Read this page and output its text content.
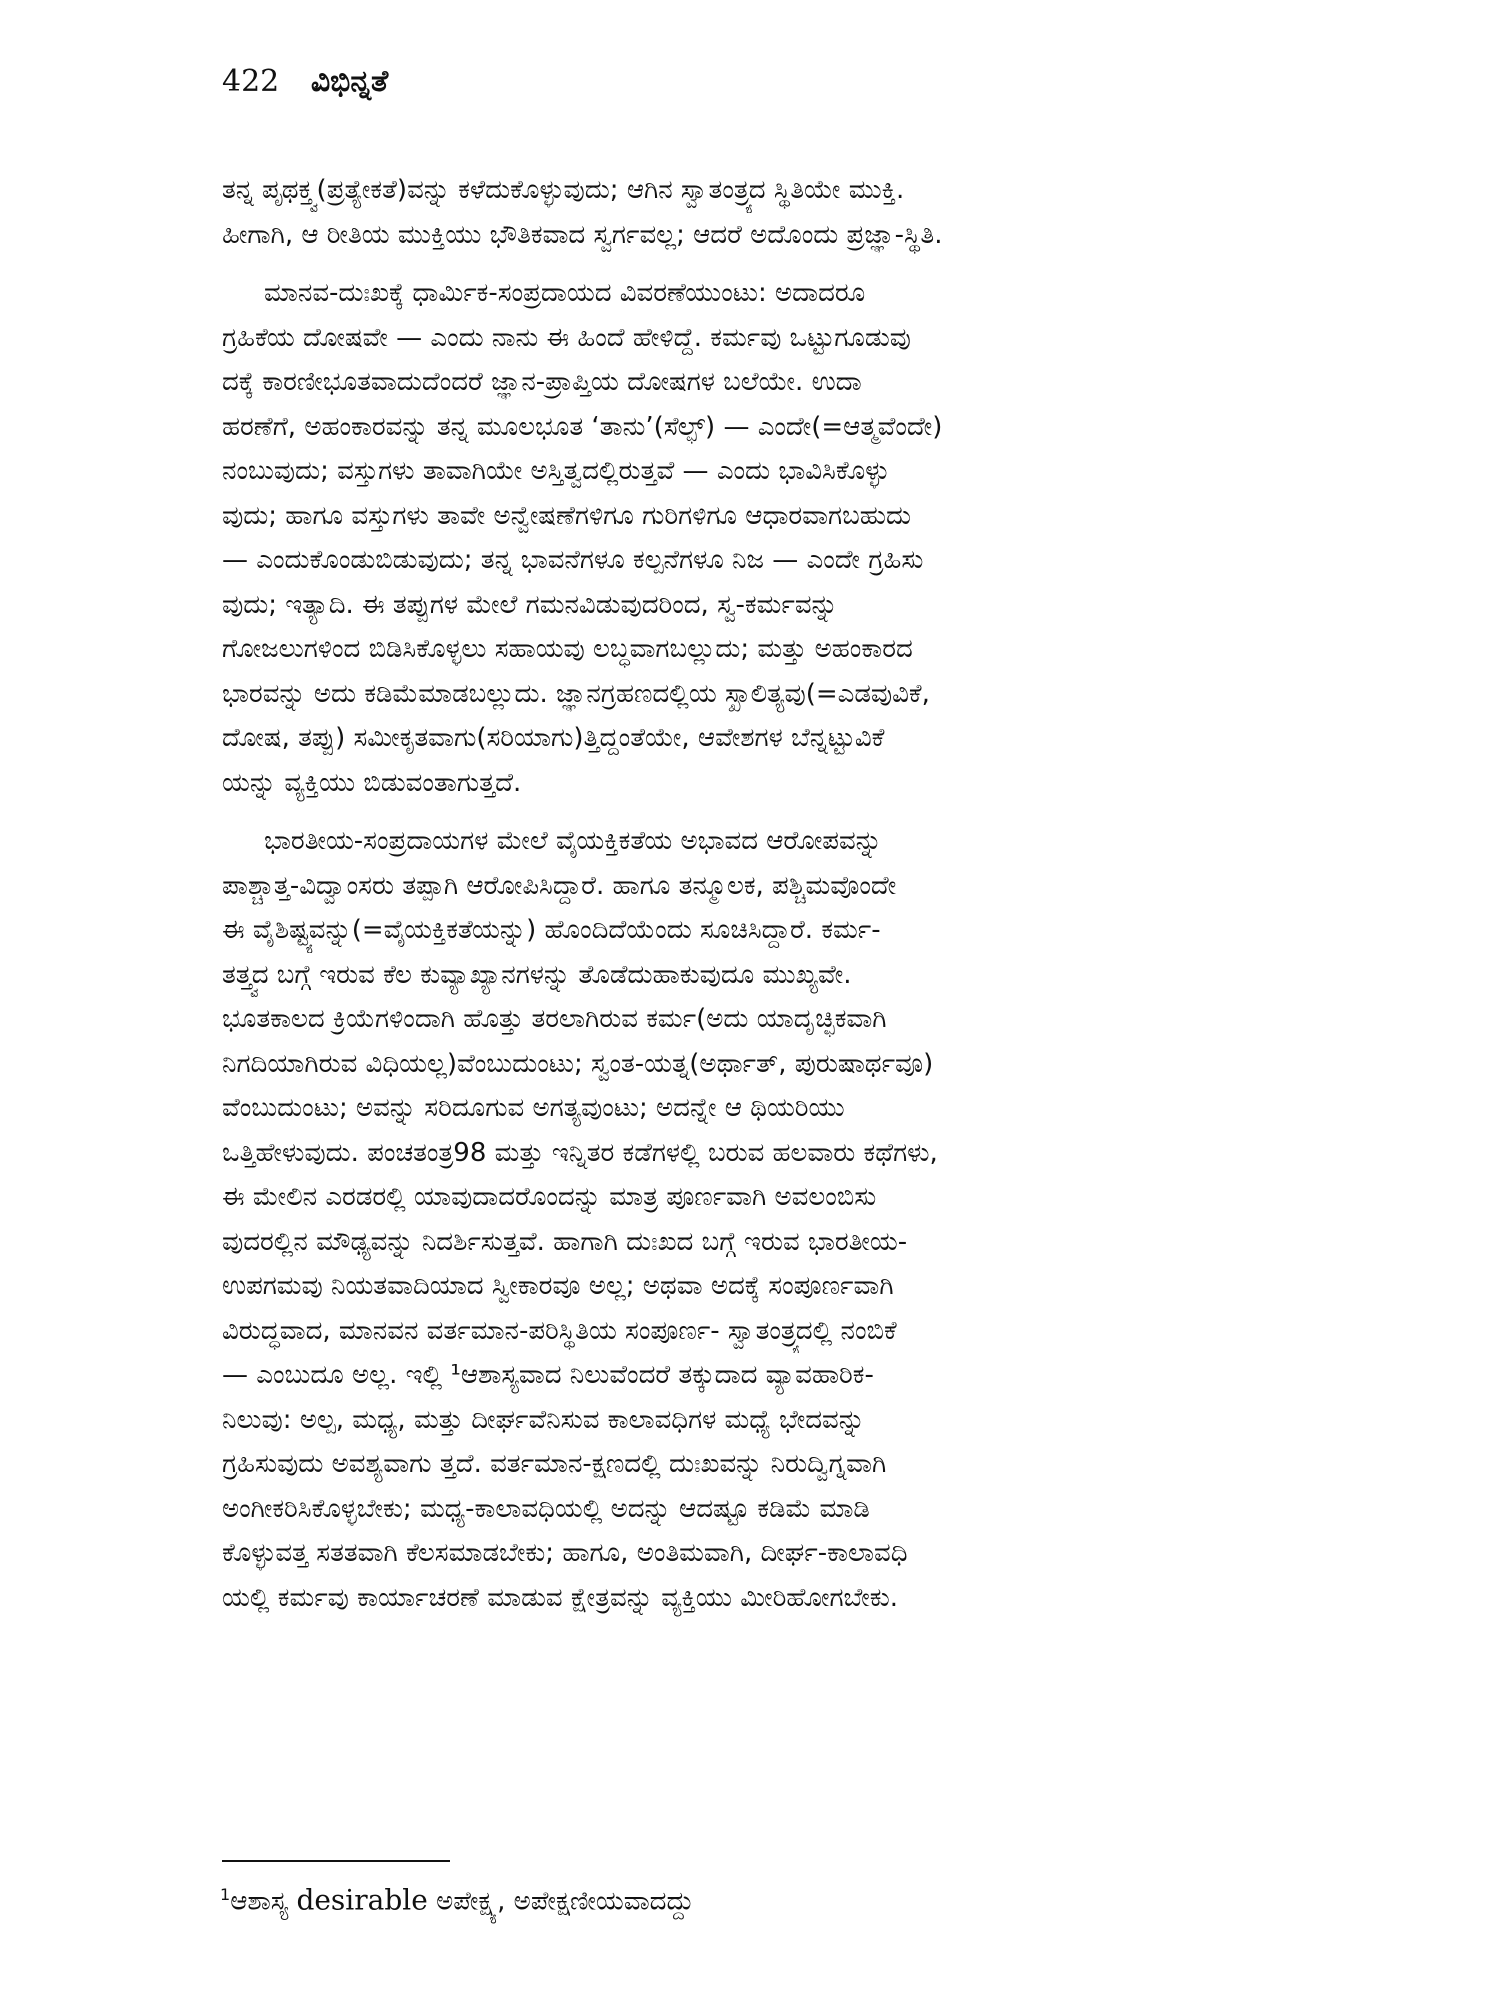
422 ವಿಭಿನ್ನತೆ
ತನ್ನ ಪೃಥಕ್ತ್ವ(ಪ್ರತ್ಯೇಕತೆ)ವನ್ನು ಕಳೆದುಕೊಳ್ಳುವುದು; ಆಗಿನ ಸ್ವಾತಂತ್ರ್ಯದ ಸ್ಥಿತಿಯೇ ಮುಕ್ತಿ.
ಹೀಗಾಗಿ, ಆ ರೀತಿಯ ಮುಕ್ತಿಯು ಭೌತಿಕವಾದ ಸ್ವರ್ಗವಲ್ಲ; ಆದರೆ ಅದೊಂದು ಪ್ರಜ್ಞಾ-ಸ್ಥಿತಿ.
ಮಾನವ-ದುಃಖಕ್ಕೆ ಧಾರ್ಮಿಕ-ಸಂಪ್ರದಾಯದ ವಿವರಣೆಯುಂಟು: ಅದಾದರೂ
ಗ್ರಹಿಕೆಯ ದೋಷವೇ — ಎಂದು ನಾನು ಈ ಹಿಂದೆ ಹೇಳಿದ್ದೆ. ಕರ್ಮವು ಒಟ್ಟುಗೂಡುವು
ದಕ್ಕೆ ಕಾರಣೀಭೂತವಾದುದೆಂದರೆ ಜ್ಞಾನ-ಪ್ರಾಪ್ತಿಯ ದೋಷಗಳ ಬಲೆಯೇ. ಉದಾ
ಹರಣೆಗೆ, ಅಹಂಕಾರವನ್ನು ತನ್ನ ಮೂಲಭೂತ ‘ತಾನು’(ಸೆಲ್ಫ್) — ಎಂದೇ(=ಆತ್ಮವೆಂದೇ)
ನಂಬುವುದು; ವಸ್ತುಗಳು ತಾವಾಗಿಯೇ ಅಸ್ತಿತ್ವದಲ್ಲಿರುತ್ತವೆ — ಎಂದು ಭಾವಿಸಿಕೊಳ್ಳು
ವುದು; ಹಾಗೂ ವಸ್ತುಗಳು ತಾವೇ ಅನ್ವೇಷಣೆಗಳಿಗೂ ಗುರಿಗಳಿಗೂ ಆಧಾರವಾಗಬಹುದು
— ಎಂದುಕೊಂಡುಬಿಡುವುದು; ತನ್ನ ಭಾವನೆಗಳೂ ಕಲ್ಪನೆಗಳೂ ನಿಜ — ಎಂದೇ ಗ್ರಹಿಸು
ವುದು; ಇತ್ಯಾದಿ. ಈ ತಪ್ಪುಗಳ ಮೇಲೆ ಗಮನವಿಡುವುದರಿಂದ, ಸ್ವ-ಕರ್ಮವನ್ನು
ಗೋಜಲುಗಳಿಂದ ಬಿಡಿಸಿಕೊಳ್ಳಲು ಸಹಾಯವು ಲಬ್ಧವಾಗಬಲ್ಲುದು; ಮತ್ತು ಅಹಂಕಾರದ
ಭಾರವನ್ನು ಅದು ಕಡಿಮೆಮಾಡಬಲ್ಲುದು. ಜ್ಞಾನಗ್ರಹಣದಲ್ಲಿಯ ಸ್ಖಾಲಿತ್ಯವು(=ಎಡವುವಿಕೆ,
ದೋಷ, ತಪ್ಪು) ಸಮೀಕೃತವಾಗು(ಸರಿಯಾಗು)ತ್ತಿದ್ದಂತೆಯೇ, ಆವೇಶಗಳ ಬೆನ್ನಟ್ಟುವಿಕೆ
ಯನ್ನು ವ್ಯಕ್ತಿಯು ಬಿಡುವಂತಾಗುತ್ತದೆ.
ಭಾರತೀಯ-ಸಂಪ್ರದಾಯಗಳ ಮೇಲೆ ವೈಯಕ್ತಿಕತೆಯ ಅಭಾವದ ಆರೋಪವನ್ನು
ಪಾಶ್ಚಾತ್ತ-ವಿದ್ವಾಂಸರು ತಪ್ಪಾಗಿ ಆರೋಪಿಸಿದ್ದಾರೆ. ಹಾಗೂ ತನ್ಮೂಲಕ, ಪಶ್ಚಿಮವೊಂದೇ
ಈ ವೈಶಿಷ್ಟ್ಯವನ್ನು(=ವೈಯಕ್ತಿಕತೆಯನ್ನು) ಹೊಂದಿದೆಯೆಂದು ಸೂಚಿಸಿದ್ದಾರೆ. ಕರ್ಮ-
ತತ್ತ್ವದ ಬಗ್ಗೆ ಇರುವ ಕೆಲ ಕುವ್ಯಾಖ್ಯಾನಗಳನ್ನು ತೊಡೆದುಹಾಕುವುದೂ ಮುಖ್ಯವೇ.
ಭೂತಕಾಲದ ಕ್ರಿಯೆಗಳಿಂದಾಗಿ ಹೊತ್ತು ತರಲಾಗಿರುವ ಕರ್ಮ(ಅದು ಯಾದೃಚ್ಛಿಕವಾಗಿ
ನಿಗದಿಯಾಗಿರುವ ವಿಧಿಯಲ್ಲ)ವೆಂಬುದುಂಟು; ಸ್ವಂತ-ಯತ್ನ(ಅರ್ಥಾತ್, ಪುರುಷಾರ್ಥವೂ)
ವೆಂಬುದುಂಟು; ಅವನ್ನು ಸರಿದೂಗುವ ಅಗತ್ಯವುಂಟು; ಅದನ್ನೇ ಆ ಥಿಯರಿಯು
ಒತ್ತಿಹೇಳುವುದು. ಪಂಚತಂತ್ರ98 ಮತ್ತು ಇನ್ನಿತರ ಕಡೆಗಳಲ್ಲಿ ಬರುವ ಹಲವಾರು ಕಥೆಗಳು,
ಈ ಮೇಲಿನ ಎರಡರಲ್ಲಿ ಯಾವುದಾದರೊಂದನ್ನು ಮಾತ್ರ ಪೂರ್ಣವಾಗಿ ಅವಲಂಬಿಸು
ವುದರಲ್ಲಿನ ಮೌಢ್ಯವನ್ನು ನಿದರ್ಶಿಸುತ್ತವೆ. ಹಾಗಾಗಿ ದುಃಖದ ಬಗ್ಗೆ ಇರುವ ಭಾರತೀಯ-
ಉಪಗಮವು ನಿಯತವಾದಿಯಾದ ಸ್ವೀಕಾರವೂ ಅಲ್ಲ; ಅಥವಾ ಅದಕ್ಕೆ ಸಂಪೂರ್ಣವಾಗಿ
ವಿರುದ್ಧವಾದ, ಮಾನವನ ವರ್ತಮಾನ-ಪರಿಸ್ಥಿತಿಯ ಸಂಪೂರ್ಣ- ಸ್ವಾತಂತ್ರ್ಯದಲ್ಲಿ ನಂಬಿಕೆ
— ಎಂಬುದೂ ಅಲ್ಲ. ಇಲ್ಲಿ ¹ಆಶಾಸ್ಯವಾದ ನಿಲುವೆಂದರೆ ತಕ್ಕುದಾದ ವ್ಯಾವಹಾರಿಕ-
ನಿಲುವು: ಅಲ್ಪ, ಮಧ್ಯ, ಮತ್ತು ದೀರ್ಘವೆನಿಸುವ ಕಾಲಾವಧಿಗಳ ಮಧ್ಯೆ ಭೇದವನ್ನು
ಗ್ರಹಿಸುವುದು ಅವಶ್ಯವಾಗು ತ್ತದೆ. ವರ್ತಮಾನ-ಕ್ಷಣದಲ್ಲಿ ದುಃಖವನ್ನು ನಿರುದ್ವಿಗ್ನವಾಗಿ
ಅಂಗೀಕರಿಸಿಕೊಳ್ಳಬೇಕು; ಮಧ್ಯ-ಕಾಲಾವಧಿಯಲ್ಲಿ ಅದನ್ನು ಆದಷ್ಟೂ ಕಡಿಮೆ ಮಾಡಿ
ಕೊಳ್ಳುವತ್ತ ಸತತವಾಗಿ ಕೆಲಸಮಾಡಬೇಕು; ಹಾಗೂ, ಅಂತಿಮವಾಗಿ, ದೀರ್ಘ-ಕಾಲಾವಧಿ
ಯಲ್ಲಿ ಕರ್ಮವು ಕಾರ್ಯಾಚರಣೆ ಮಾಡುವ ಕ್ಷೇತ್ರವನ್ನು ವ್ಯಕ್ತಿಯು ಮೀರಿಹೋಗಬೇಕು.
$^1$ಆಶಾಸ್ಯ desirable ಅಪೇಕ್ಷ್ಯ, ಅಪೇಕ್ಷಣೀಯವಾದದ್ದು
